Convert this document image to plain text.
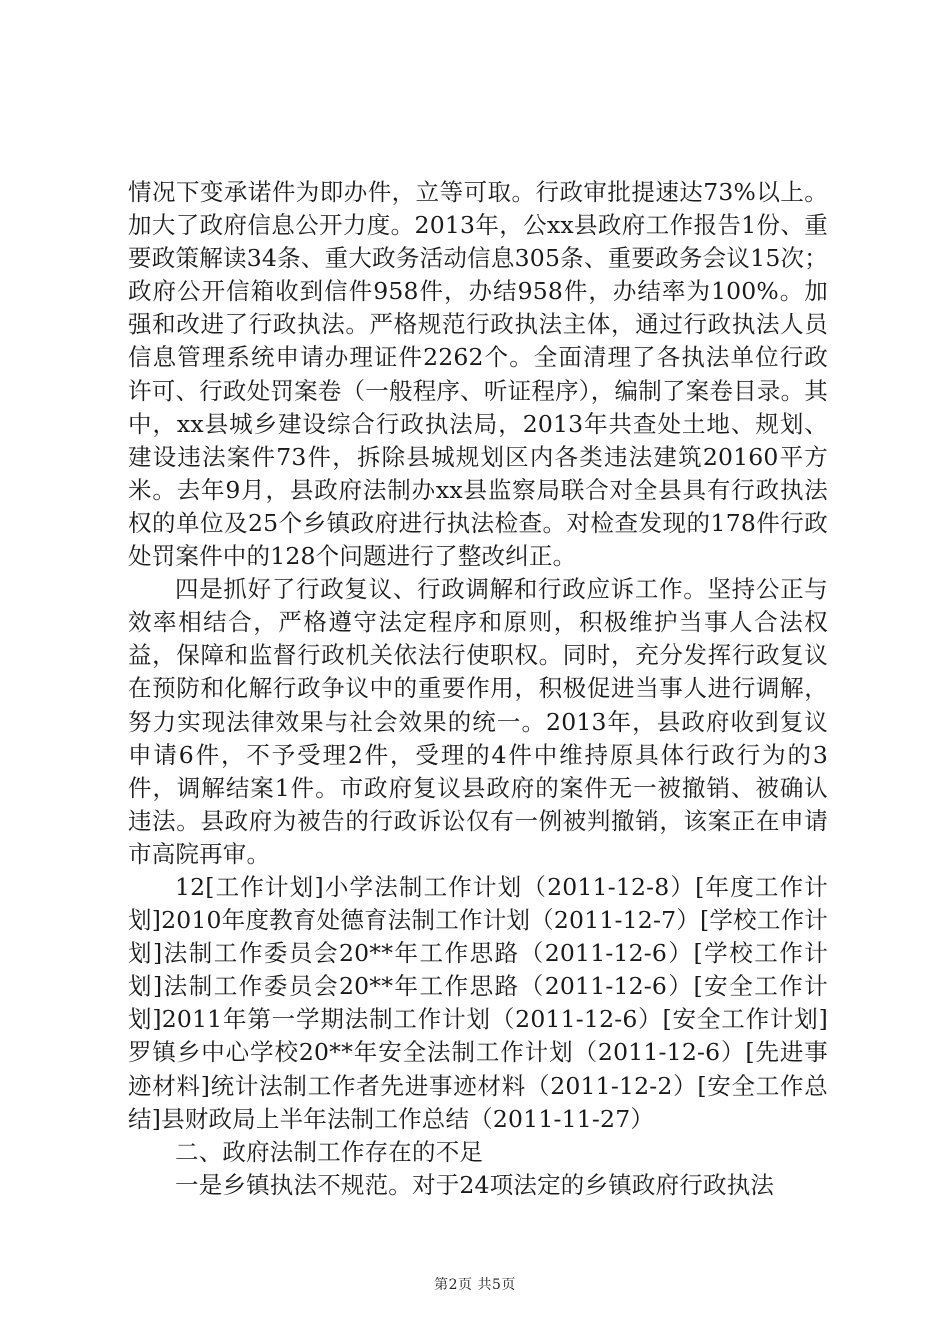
情况下变承诺件为即办件，立等可取。行政审批提速达73%以上。加大了政府信息公开力度。2013年，公xx县政府工作报告1份、重要政策解读34条、重大政务活动信息305条、重要政务会议15次；政府公开信箱收到信件958件，办结958件，办结率为100%。加强和改进了行政执法。严格规范行政执法主体，通过行政执法人员信息管理系统申请办理证件2262个。全面清理了各执法单位行政许可、行政处罚案卷（一般程序、听证程序），编制了案卷目录。其中，xx县城乡建设综合行政执法局，2013年共查处土地、规划、建设违法案件73件，拆除县城规划区内各类违法建筑20160平方米。去年9月，县政府法制办xx县监察局联合对全县具有行政执法权的单位及25个乡镇政府进行执法检查。对检查发现的178件行政处罚案件中的128个问题进行了整改纠正。

四是抓好了行政复议、行政调解和行政应诉工作。坚持公正与效率相结合，严格遵守法定程序和原则，积极维护当事人合法权益，保障和监督行政机关依法行使职权。同时，充分发挥行政复议在预防和化解行政争议中的重要作用，积极促进当事人进行调解，努力实现法律效果与社会效果的统一。2013年，县政府收到复议申请6件，不予受理2件，受理的4件中维持原具体行政行为的3件，调解结案1件。市政府复议县政府的案件无一被撤销、被确认违法。县政府为被告的行政诉讼仅有一例被判撤销，该案正在申请市高院再审。

12[工作计划]小学法制工作计划（2011-12-8）[年度工作计划]2010年度教育处德育法制工作计划（2011-12-7）[学校工作计划]法制工作委员会20**年工作思路（2011-12-6）[学校工作计划]法制工作委员会20**年工作思路（2011-12-6）[安全工作计划]2011年第一学期法制工作计划（2011-12-6）[安全工作计划]罗镇乡中心学校20**年安全法制工作计划（2011-12-6）[先进事迹材料]统计法制工作者先进事迹材料（2011-12-2）[安全工作总结]县财政局上半年法制工作总结（2011-11-27）

二、政府法制工作存在的不足

一是乡镇执法不规范。对于24项法定的乡镇政府行政执法

第2页 共5页
